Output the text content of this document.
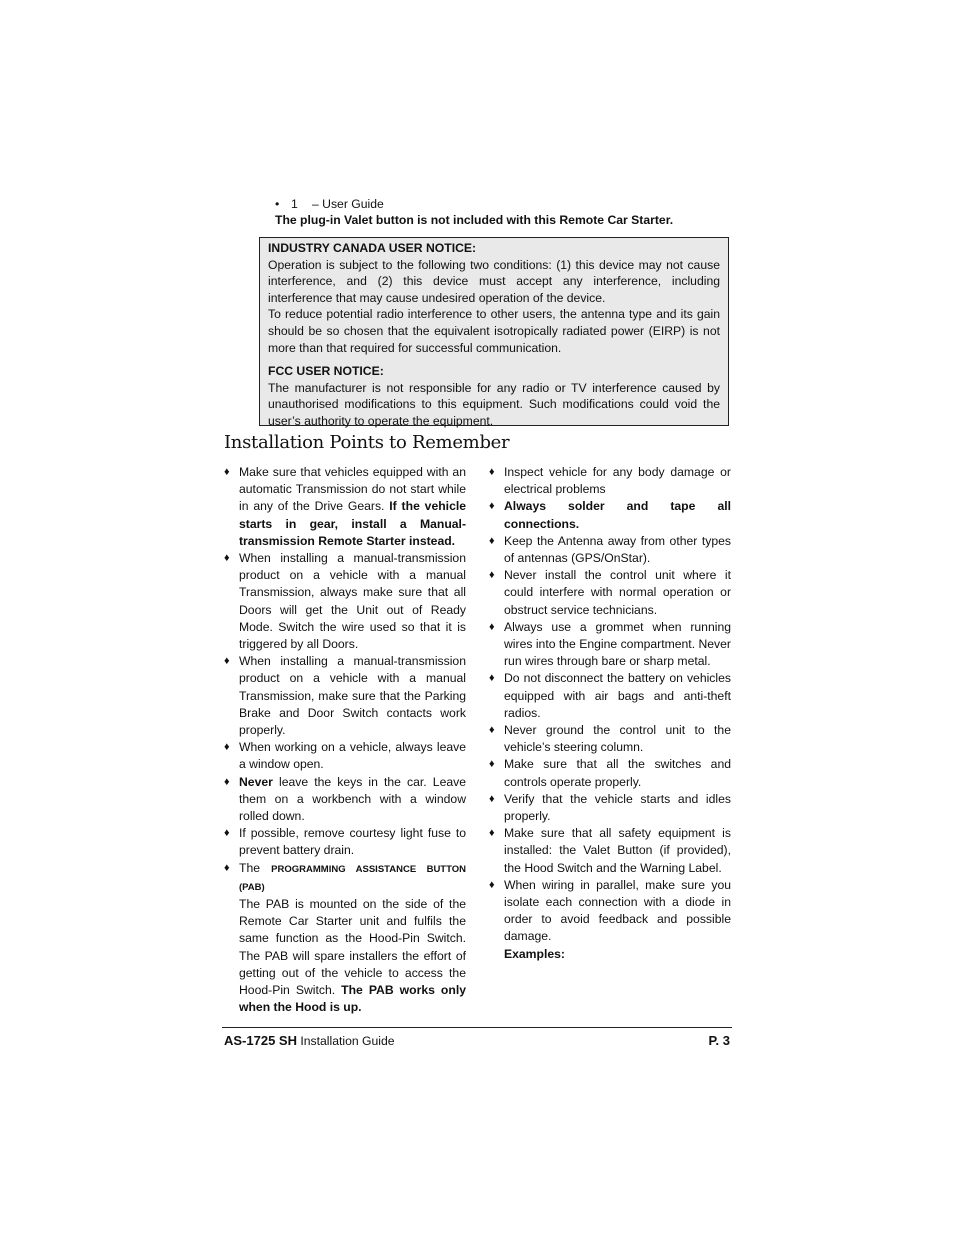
• 1 – User Guide
The plug-in Valet button is not included with this Remote Car Starter.
INDUSTRY CANADA USER NOTICE:

Operation is subject to the following two conditions: (1) this device may not cause interference, and (2) this device must accept any interference, including interference that may cause undesired operation of the device.

To reduce potential radio interference to other users, the antenna type and its gain should be so chosen that the equivalent isotropically radiated power (EIRP) is not more than that required for successful communication.

FCC USER NOTICE:

The manufacturer is not responsible for any radio or TV interference caused by unauthorised modifications to this equipment. Such modifications could void the user’s authority to operate the equipment.

Installation Points to Remember
♦ Make sure that vehicles equipped with an automatic Transmission do not start while in any of the Drive Gears. If the vehicle starts in gear, install a Manual-transmission Remote Starter instead.
♦ When installing a manual-transmission product on a vehicle with a manual Transmission, always make sure that all Doors will get the Unit out of Ready Mode. Switch the wire used so that it is triggered by all Doors.
♦ When installing a manual-transmission product on a vehicle with a manual Transmission, make sure that the Parking Brake and Door Switch contacts work properly.
♦ When working on a vehicle, always leave a window open.
♦ Never leave the keys in the car. Leave them on a workbench with a window rolled down.
♦ If possible, remove courtesy light fuse to prevent battery drain.
♦ The PROGRAMMING ASSISTANCE BUTTON (PAB)
The PAB is mounted on the side of the Remote Car Starter unit and fulfils the same function as the Hood-Pin Switch. The PAB will spare installers the effort of getting out of the vehicle to access the Hood-Pin Switch. The PAB works only when the Hood is up.
♦ Inspect vehicle for any body damage or electrical problems
♦ Always solder and tape all connections.
♦ Keep the Antenna away from other types of antennas (GPS/OnStar).
♦ Never install the control unit where it could interfere with normal operation or obstruct service technicians.
♦ Always use a grommet when running wires into the Engine compartment. Never run wires through bare or sharp metal.
♦ Do not disconnect the battery on vehicles equipped with air bags and anti-theft radios.
♦ Never ground the control unit to the vehicle’s steering column.
♦ Make sure that all the switches and controls operate properly.
♦ Verify that the vehicle starts and idles properly.
♦ Make sure that all safety equipment is installed: the Valet Button (if provided), the Hood Switch and the Warning Label.
♦ When wiring in parallel, make sure you isolate each connection with a diode in order to avoid feedback and possible damage.
Examples:
AS-1725 SH Installation Guide	P. 3
